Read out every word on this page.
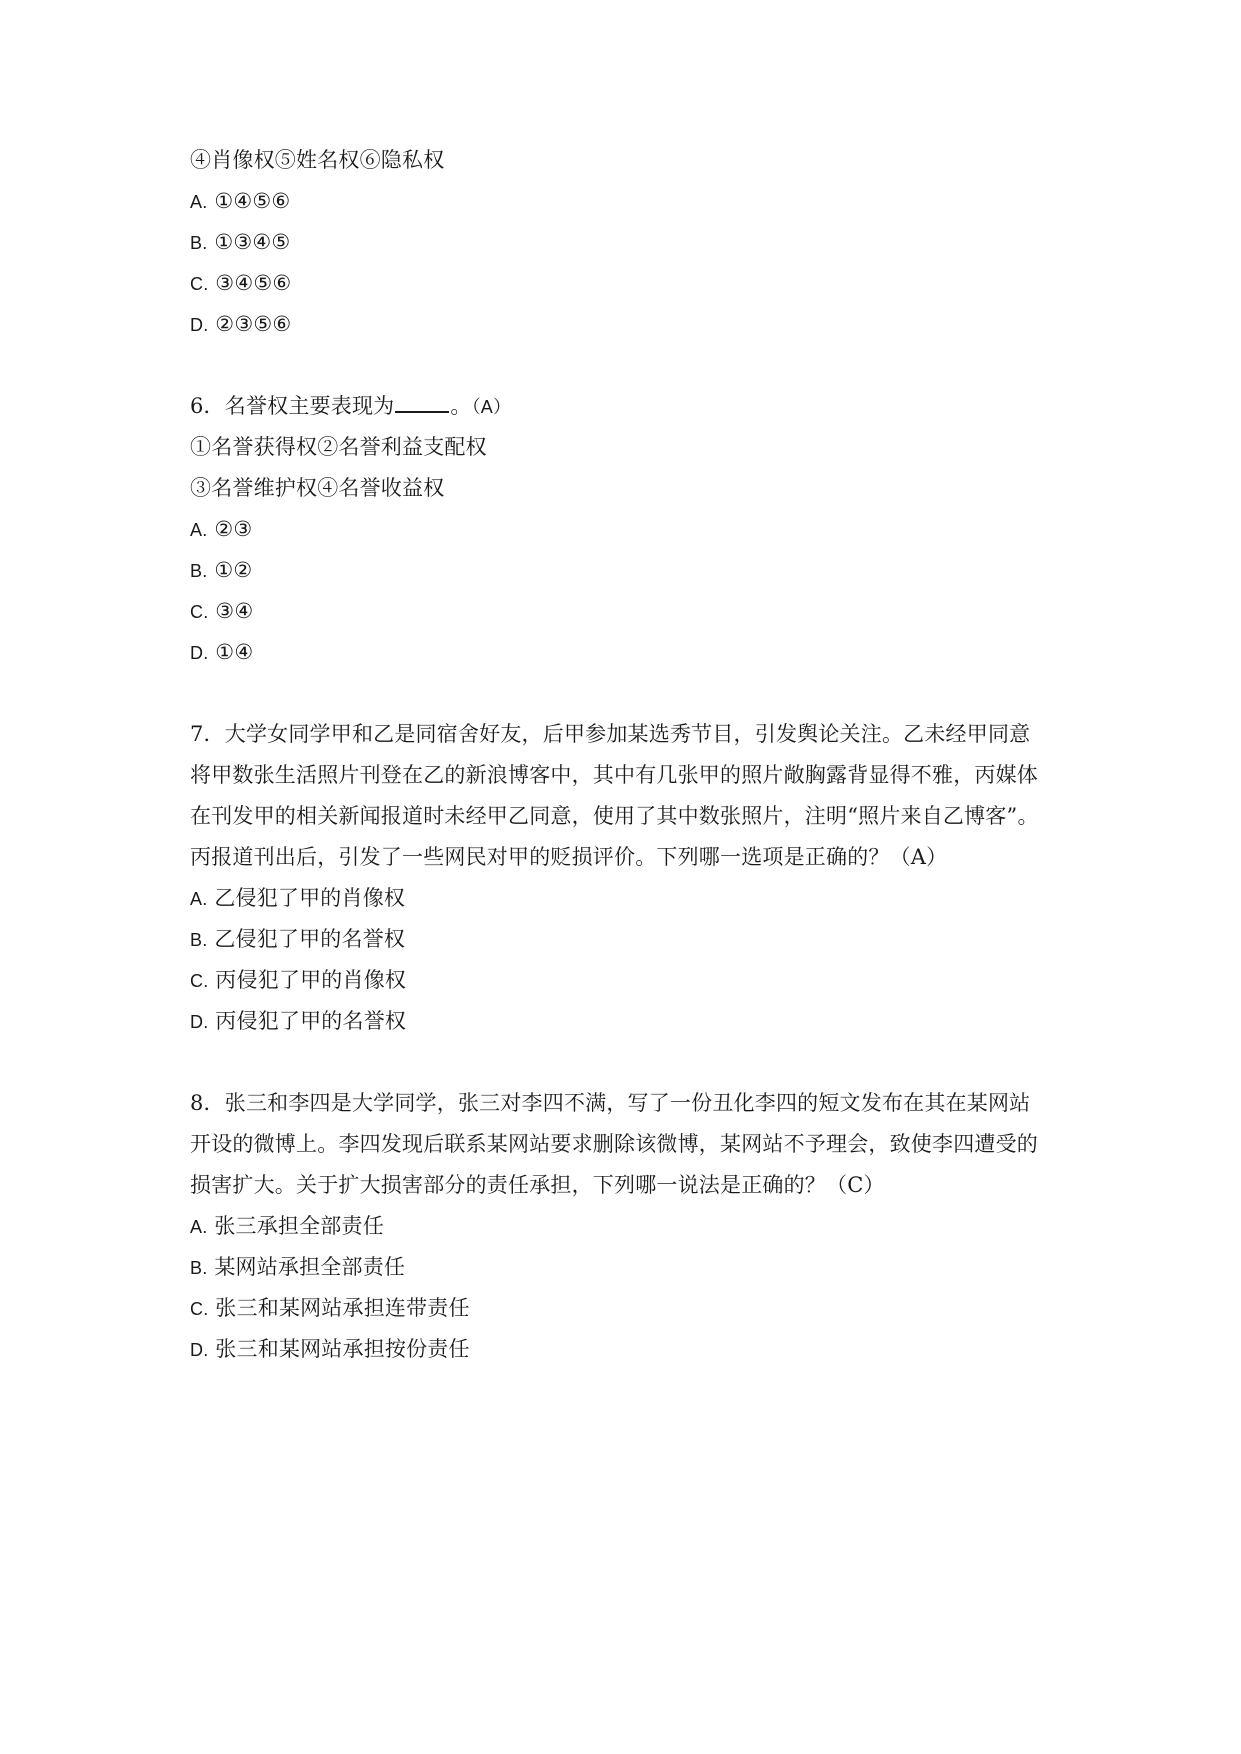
④肖像权⑤姓名权⑥隐私权
A. ①④⑤⑥
B. ①③④⑤
C. ③④⑤⑥
D. ②③⑤⑥
6．名誉权主要表现为	。（A）
①名誉获得权②名誉利益支配权
③名誉维护权④名誉收益权
A. ②③
B. ①②
C. ③④
D. ①④
7．大学女同学甲和乙是同宿舍好友，后甲参加某选秀节目，引发舆论关注。乙未经甲同意
将甲数张生活照片刊登在乙的新浪博客中，其中有几张甲的照片敞胸露背显得不雅，丙媒体
在刊发甲的相关新闻报道时未经甲乙同意，使用了其中数张照片，注明“照片来自乙博客”。
丙报道刊出后，引发了一些网民对甲的贬损评价。下列哪一选项是正确的？（A）
A. 乙侵犯了甲的肖像权
B. 乙侵犯了甲的名誉权
C. 丙侵犯了甲的肖像权
D. 丙侵犯了甲的名誉权
8．张三和李四是大学同学，张三对李四不满，写了一份丑化李四的短文发布在其在某网站
开设的微博上。李四发现后联系某网站要求删除该微博，某网站不予理会，致使李四遭受的
损害扩大。关于扩大损害部分的责任承担，下列哪一说法是正确的？（C）
A. 张三承担全部责任
B. 某网站承担全部责任
C. 张三和某网站承担连带责任
D. 张三和某网站承担按份责任
